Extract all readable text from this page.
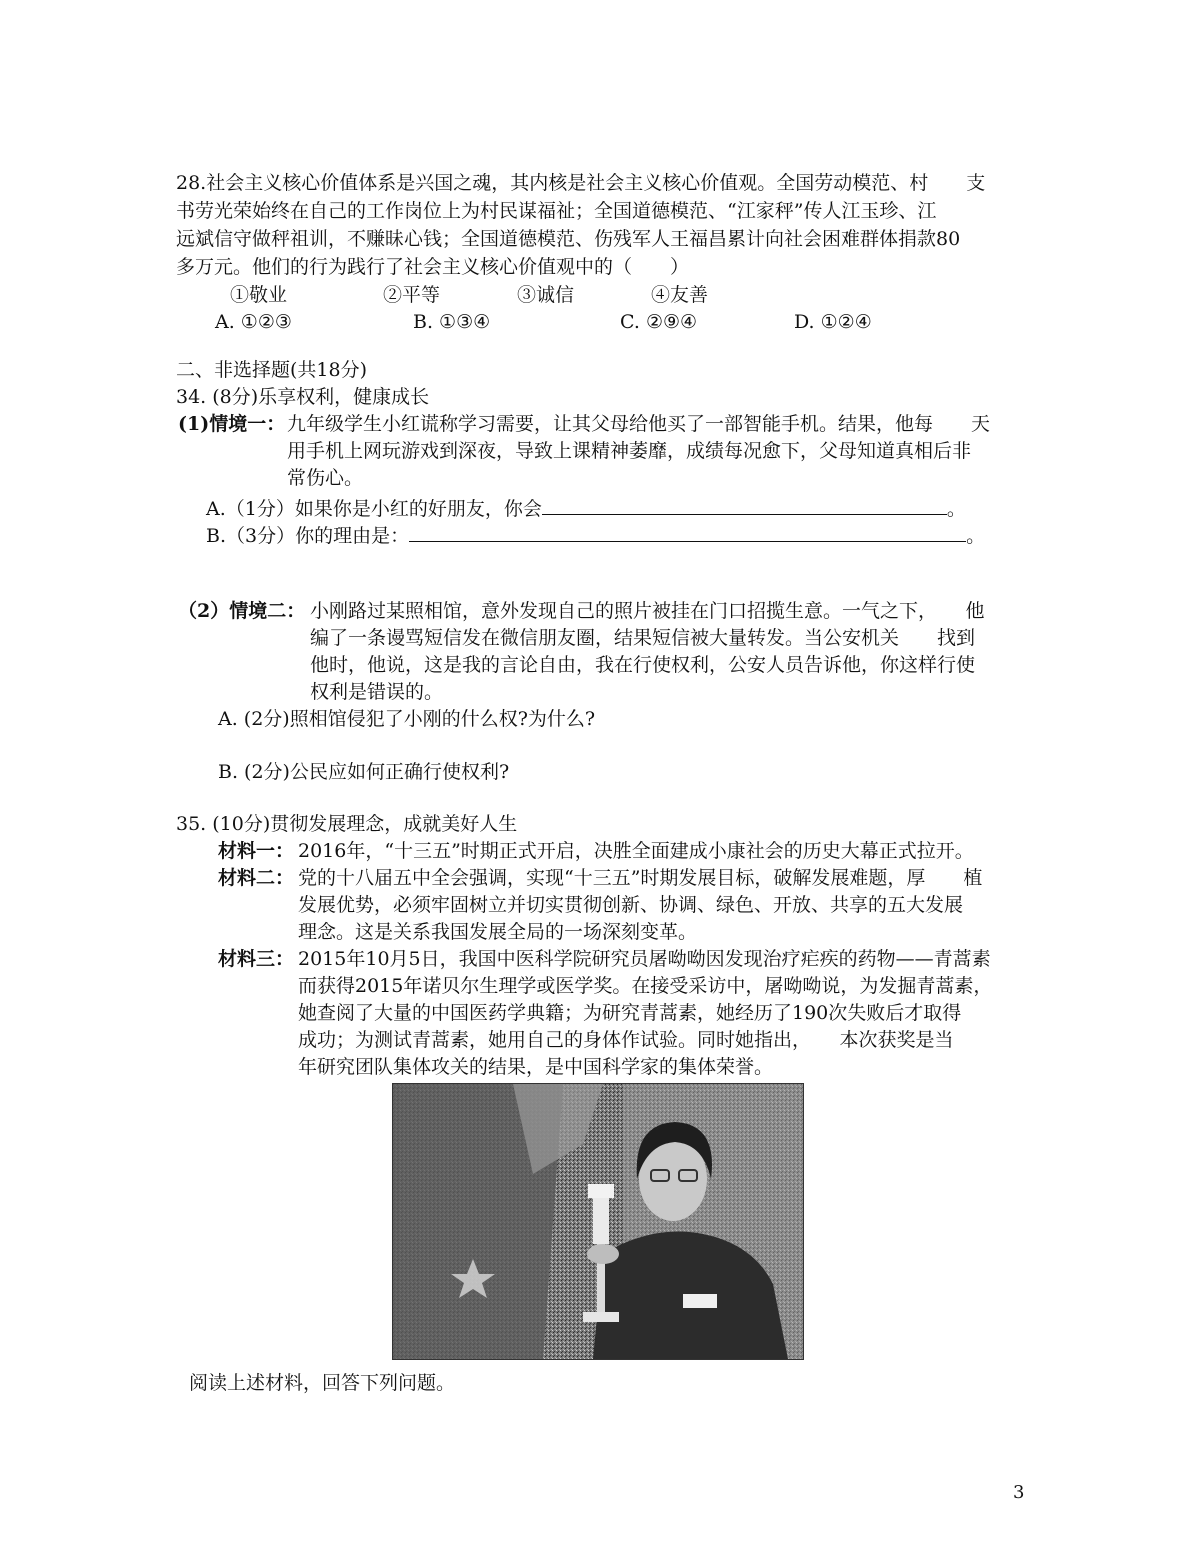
28.社会主义核心价值体系是兴国之魂，其内核是社会主义核心价值观。全国劳动模范、村　　支
书劳光荣始终在自己的工作岗位上为村民谋福祉；全国道德模范、“江家秤”传人江玉珍、江
远斌信守做秤祖训，不赚昧心钱；全国道德模范、伤残军人王福昌累计向社会困难群体捐款80
多万元。他们的行为践行了社会主义核心价值观中的（　　）
①敬业	②平等	③诚信	④友善
A. ①②③	B. ①③④	C. ②⑨④	D. ①②④
二、非选择题(共18分)
34. (8分)乐享权利，健康成长
(1)情境一： 九年级学生小红谎称学习需要，让其父母给他买了一部智能手机。结果，他每　　天
用手机上网玩游戏到深夜，导致上课精神萎靡，成绩每况愈下，父母知道真相后非
常伤心。
A.（1分）如果你是小红的好朋友，你会	。
B.（3分）你的理由是：	。
（2）情境二： 小刚路过某照相馆，意外发现自己的照片被挂在门口招揽生意。一气之下，　　他
编了一条谩骂短信发在微信朋友圈，结果短信被大量转发。当公安机关　　找到
他时，他说，这是我的言论自由，我在行使权利，公安人员告诉他，你这样行使
权利是错误的。
A. (2分)照相馆侵犯了小刚的什么权?为什么?
B. (2分)公民应如何正确行使权利?
35. (10分)贯彻发展理念，成就美好人生
材料一： 2016年，“十三五”时期正式开启，决胜全面建成小康社会的历史大幕正式拉开。
材料二： 党的十八届五中全会强调，实现“十三五”时期发展目标，破解发展难题，厚　　植
发展优势，必须牢固树立并切实贯彻创新、协调、绿色、开放、共享的五大发展
理念。这是关系我国发展全局的一场深刻变革。
材料三： 2015年10月5日，我国中医科学院研究员屠呦呦因发现治疗疟疾的药物——青蒿素
而获得2015年诺贝尔生理学或医学奖。在接受采访中，屠呦呦说，为发掘青蒿素，
她查阅了大量的中国医药学典籍；为研究青蒿素，她经历了190次失败后才取得
成功；为测试青蒿素，她用自己的身体作试验。同时她指出，　　本次获奖是当
年研究团队集体攻关的结果，是中国科学家的集体荣誉。
阅读上述材料，回答下列问题。
3
